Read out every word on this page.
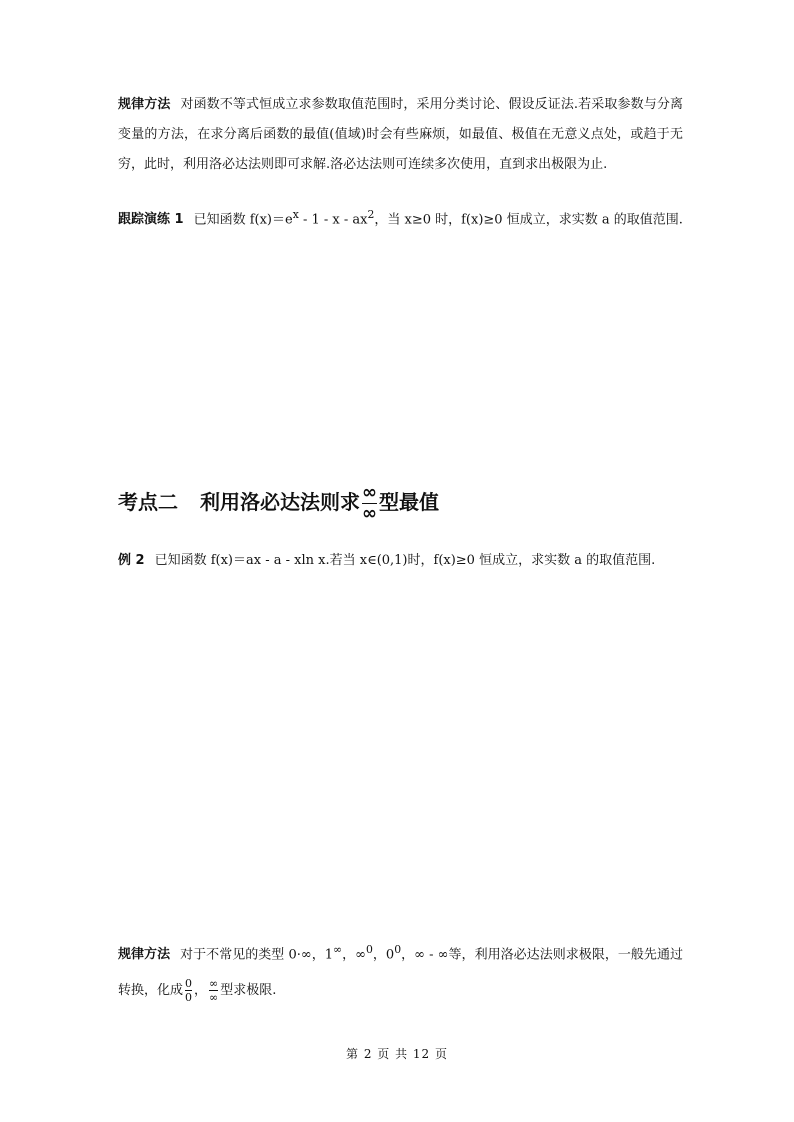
规律方法 对函数不等式恒成立求参数取值范围时，采用分类讨论、假设反证法.若采取参数与分离变量的方法，在求分离后函数的最值(值域)时会有些麻烦，如最值、极值在无意义点处，或趋于无穷，此时，利用洛必达法则即可求解.洛必达法则可连续多次使用，直到求出极限为止.
跟踪演练 1 已知函数 $f(x)=e^x - 1 - x - ax^2$，当 x≥0 时，f(x)≥0 恒成立，求实数 a 的取值范围.
考点二 利用洛必达法则求 $\frac{\infty}{\infty}$ 型最值
例 2 已知函数 f(x)＝ax - a - xln x.若当 x∈(0,1)时，f(x)≥0 恒成立，求实数 a 的取值范围.
规律方法 对于不常见的类型 0·∞，1∞，∞$^0$，$0^0$，∞ - ∞等，利用洛必达法则求极限，一般先通过转换，化成 $\frac{0}{0}$ ， $\frac{\infty}{\infty}$ 型求极限.
第 2 页 共 12 页
